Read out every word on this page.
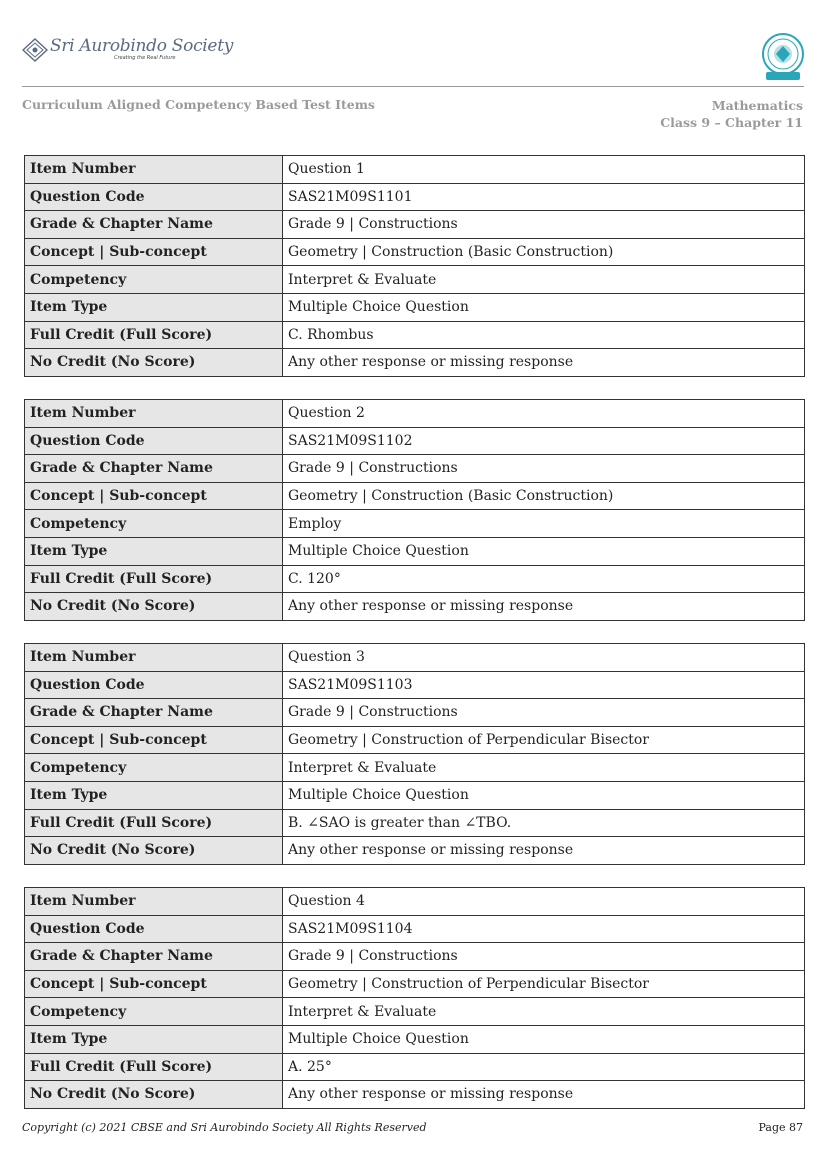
Sri Aurobindo Society
Creating the Real Future
Curriculum Aligned Competency Based Test Items	Mathematics
Class 9 – Chapter 11
Item Number	Question 1
Question Code	SAS21M09S1101
Grade & Chapter Name	Grade 9 | Constructions
Concept | Sub-concept	Geometry | Construction (Basic Construction)
Competency	Interpret & Evaluate
Item Type	Multiple Choice Question
Full Credit (Full Score)	C. Rhombus
No Credit (No Score)	Any other response or missing response
Item Number	Question 2
Question Code	SAS21M09S1102
Grade & Chapter Name	Grade 9 | Constructions
Concept | Sub-concept	Geometry | Construction (Basic Construction)
Competency	Employ
Item Type	Multiple Choice Question
Full Credit (Full Score)	C. 120°
No Credit (No Score)	Any other response or missing response
Item Number	Question 3
Question Code	SAS21M09S1103
Grade & Chapter Name	Grade 9 | Constructions
Concept | Sub-concept	Geometry | Construction of Perpendicular Bisector
Competency	Interpret & Evaluate
Item Type	Multiple Choice Question
Full Credit (Full Score)	B. ∠SAO is greater than ∠TBO.
No Credit (No Score)	Any other response or missing response
Item Number	Question 4
Question Code	SAS21M09S1104
Grade & Chapter Name	Grade 9 | Constructions
Concept | Sub-concept	Geometry | Construction of Perpendicular Bisector
Competency	Interpret & Evaluate
Item Type	Multiple Choice Question
Full Credit (Full Score)	A. 25°
No Credit (No Score)	Any other response or missing response
Copyright (c) 2021 CBSE and Sri Aurobindo Society All Rights Reserved	Page 87
